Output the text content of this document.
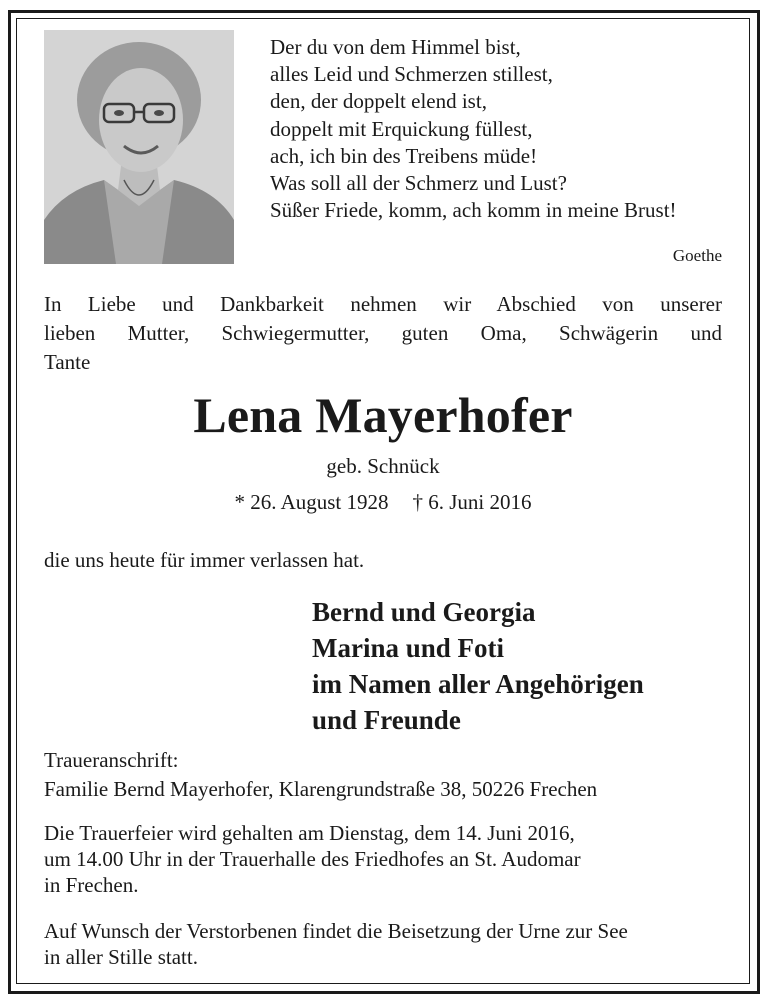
Der du von dem Himmel bist,
alles Leid und Schmerzen stillest,
den, der doppelt elend ist,
doppelt mit Erquickung füllest,
ach, ich bin des Treibens müde!
Was soll all der Schmerz und Lust?
Süßer Friede, komm, ach komm in meine Brust!
Goethe
In Liebe und Dankbarkeit nehmen wir Abschied von unserer
lieben Mutter, Schwiegermutter, guten Oma, Schwägerin und
Tante
Lena Mayerhofer
geb. Schnück
* 26. August 1928 † 6. Juni 2016
die uns heute für immer verlassen hat.
Bernd und Georgia
Marina und Foti
im Namen aller Angehörigen
und Freunde
Traueranschrift:
Familie Bernd Mayerhofer, Klarengrundstraße 38, 50226 Frechen
Die Trauerfeier wird gehalten am Dienstag, dem 14. Juni 2016,
um 14.00 Uhr in der Trauerhalle des Friedhofes an St. Audomar
in Frechen.
Auf Wunsch der Verstorbenen findet die Beisetzung der Urne zur See
in aller Stille statt.
